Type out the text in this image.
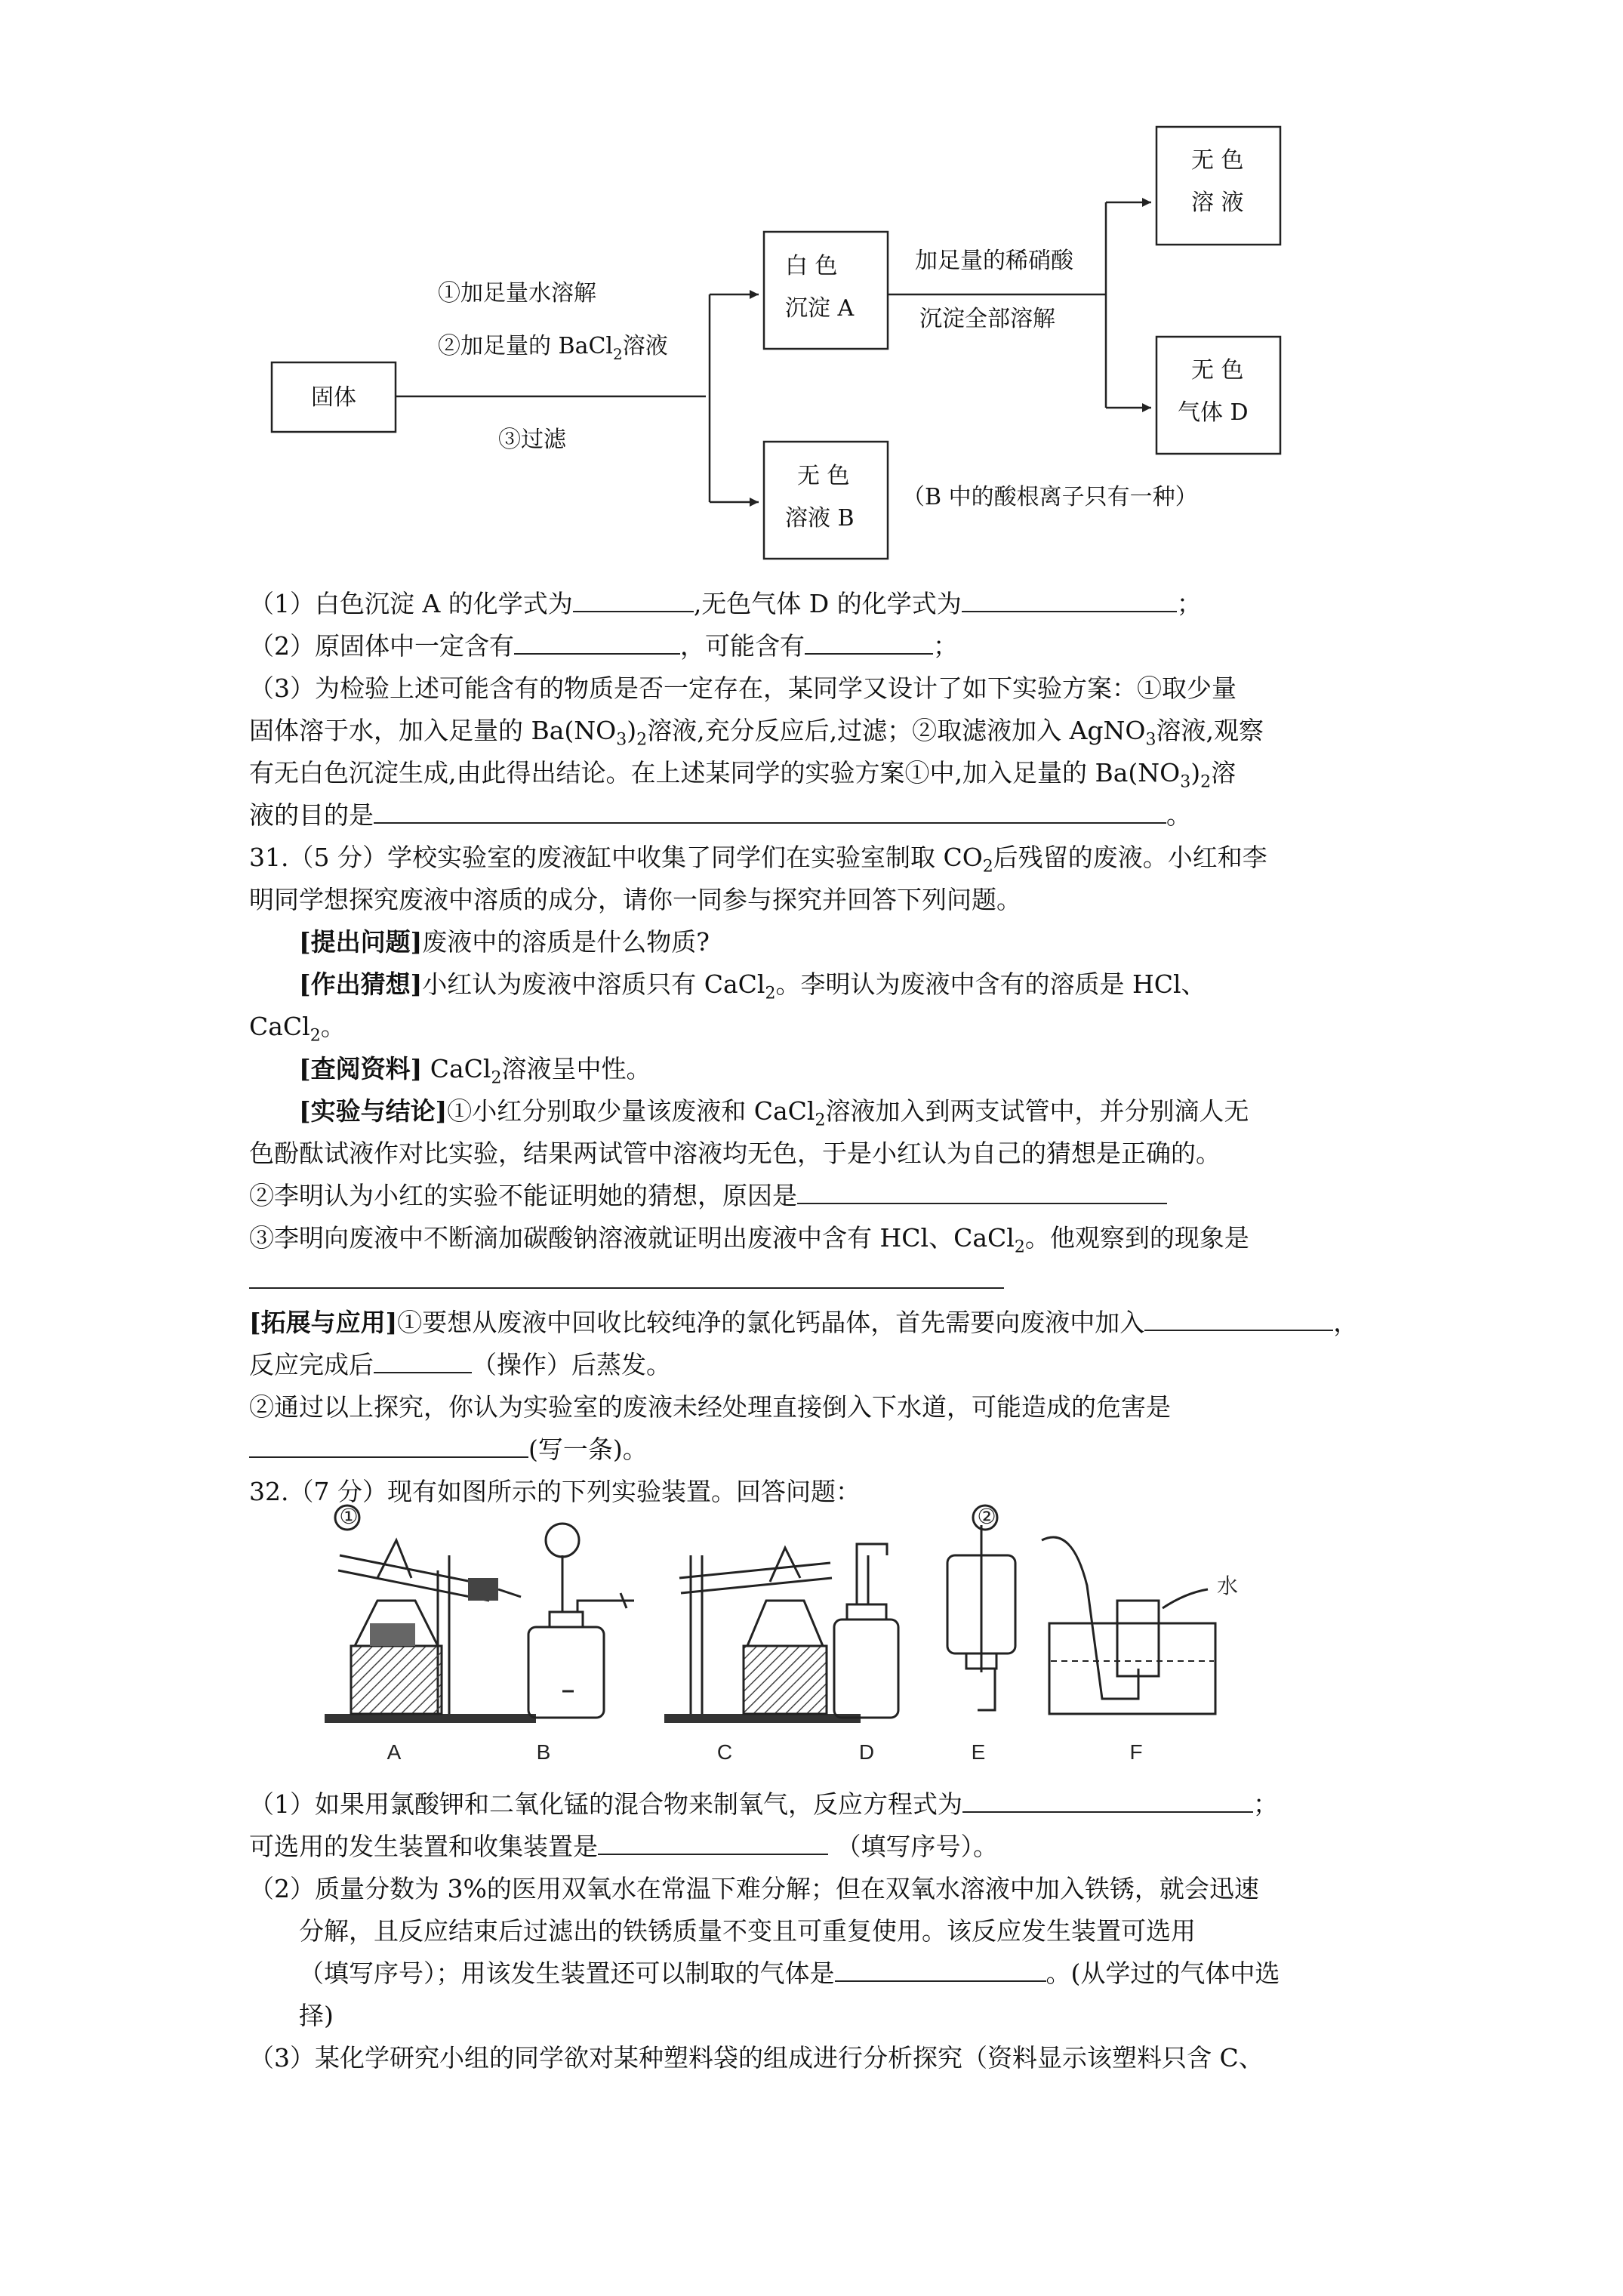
固体
①加足量水溶解
②加足量的 BaCl$_2$溶液
③过滤
白 色
沉淀 A
无 色
溶液 B
（B 中的酸根离子只有一种）
加足量的稀硝酸
沉淀全部溶解
无 色
溶 液
无 色
气体 D

（1）白色沉淀 A 的化学式为	,无色气体 D 的化学式为	；

（2）原固体中一定含有	，可能含有	；

（3）为检验上述可能含有的物质是否一定存在，某同学又设计了如下实验方案：①取少量

固体溶于水，加入足量的 $Ba(NO_3)_2$溶液,充分反应后,过滤；②取滤液加入 AgNO$_3$溶液,观察

有无白色沉淀生成,由此得出结论。在上述某同学的实验方案①中,加入足量的 $Ba(NO_3)_2$溶

液的目的是	。

31.（5 分）学校实验室的废液缸中收集了同学们在实验室制取 $CO_2$后残留的废液。小红和李

明同学想探究废液中溶质的成分，请你一同参与探究并回答下列问题。

[提出问题]废液中的溶质是什么物质?

[作出猜想]小红认为废液中溶质只有 CaCl$_2$。李明认为废液中含有的溶质是 HCl、

CaCl$_2$。

[查阅资料] CaCl$_2$溶液呈中性。

[实验与结论]①小红分别取少量该废液和 CaCl$_2$溶液加入到两支试管中，并分别滴人无

色酚酞试液作对比实验，结果两试管中溶液均无色，于是小红认为自己的猜想是正确的。

②李明认为小红的实验不能证明她的猜想，原因是

③李明向废液中不断滴加碳酸钠溶液就证明出废液中含有 HCl、CaCl$_2$。他观察到的现象是

[拓展与应用]①要想从废液中回收比较纯净的氯化钙晶体，首先需要向废液中加入	，

反应完成后	（操作）后蒸发。

②通过以上探究，你认为实验室的废液未经处理直接倒入下水道，可能造成的危害是

(写一条)。

32.（7 分）现有如图所示的下列实验装置。回答问题：

①	②
水
A	B	C	D	E	F

（1）如果用氯酸钾和二氧化锰的混合物来制氧气，反应方程式为	；

可选用的发生装置和收集装置是	（填写序号）。

（2）质量分数为 3%的医用双氧水在常温下难分解；但在双氧水溶液中加入铁锈，就会迅速

分解，且反应结束后过滤出的铁锈质量不变且可重复使用。该反应发生装置可选用

（填写序号）；用该发生装置还可以制取的气体是	。(从学过的气体中选

择)

（3）某化学研究小组的同学欲对某种塑料袋的组成进行分析探究（资料显示该塑料只含 C、
